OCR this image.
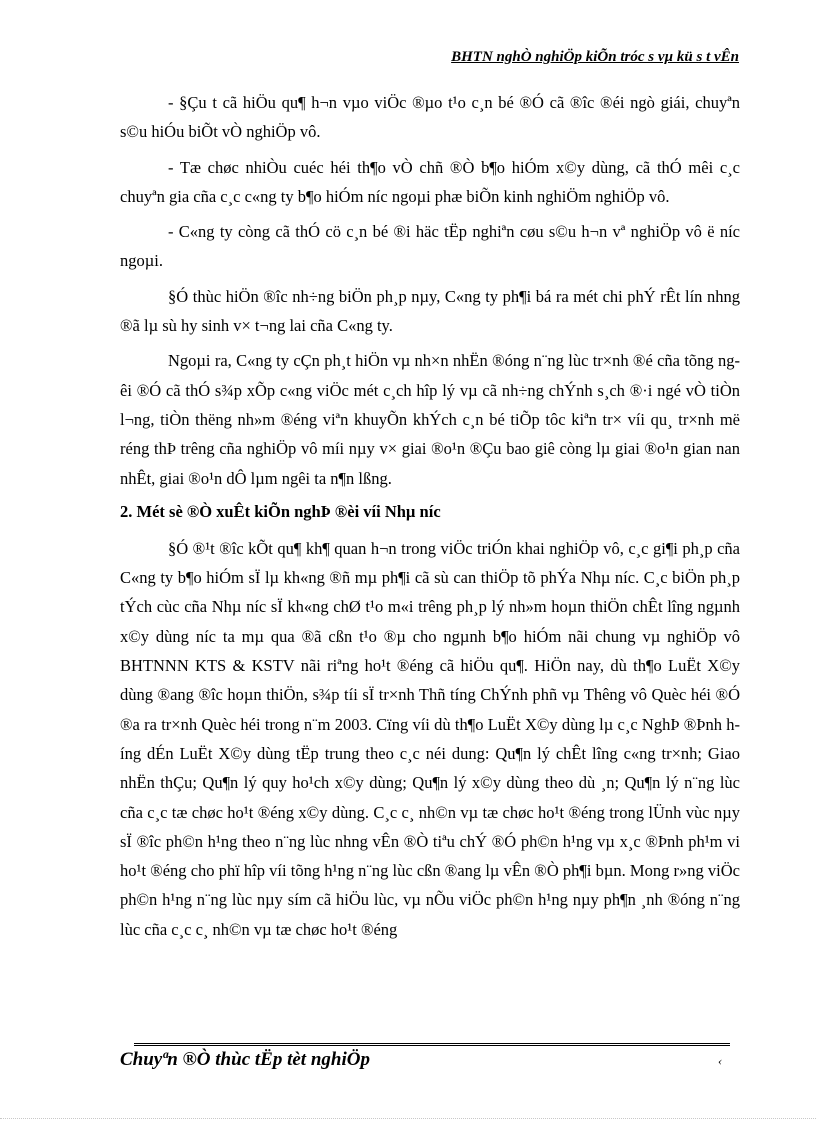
BHTN nghÒ nghiÖp kiÕn tróc s vµ kü s t vÊn

- §Çu t cã hiÖu qu¶ h¬n vµo viÖc ®µo t¹o c¸n bé ®Ó cã ®îc ®éi ngò giái, chuyªn s©u hiÓu biÕt vÒ nghiÖp vô.

- Tæ chøc nhiÒu cuéc héi th¶o vÒ chñ ®Ò b¶o hiÓm x©y dùng, cã thÓ mêi c¸c chuyªn gia cña c¸c c«ng ty b¶o hiÓm níc ngoµi phæ biÕn kinh nghiÖm nghiÖp vô.

- C«ng ty còng cã thÓ cö c¸n bé ®i häc tËp nghiªn cøu s©u h¬n vª nghiÖp vô ë níc ngoµi.

§Ó thùc hiÖn ®îc nh÷ng biÖn ph¸p nµy, C«ng ty ph¶i bá ra mét chi phÝ rÊt lín nhng ®ã lµ sù hy sinh v× t¬ng lai cña C«ng ty.

Ngoµi ra, C«ng ty cÇn ph¸t hiÖn vµ nh×n nhËn ®óng n¨ng lùc tr×nh ®é cña tõng ngêi ®Ó cã thÓ s¾p xÕp c«ng viÖc mét c¸ch hîp lý vµ cã nh÷ng chÝnh s¸ch ®·i ngé vÒ tiÒn l¬ng, tiÒn thëng nh»m ®éng viªn khuyÕn khÝch c¸n bé tiÕp tôc kiªn tr× víi qu¸ tr×nh më réng thÞ trêng cña nghiÖp vô míi nµy v× giai ®o¹n ®Çu bao giê còng lµ giai ®o¹n gian nan nhÊt, giai ®o¹n dÔ lµm ngêi ta n¶n lßng.

2. Mét sè ®Ò xuÊt kiÕn nghÞ ®èi víi Nhµ níc

§Ó ®¹t ®îc kÕt qu¶ kh¶ quan h¬n trong viÖc triÓn khai nghiÖp vô, c¸c gi¶i ph¸p cña C«ng ty b¶o hiÓm sÏ lµ kh«ng ®ñ mµ ph¶i cã sù can thiÖp tõ phÝa Nhµ níc. C¸c biÖn ph¸p tÝch cùc cña Nhµ níc sÏ kh«ng chØ t¹o m«i trêng ph¸p lý nh»m hoµn thiÖn chÊt lîng ngµnh x©y dùng níc ta mµ qua ®ã cßn t¹o ®µ cho ngµnh b¶o hiÓm nãi chung vµ nghiÖp vô BHTNNN KTS & KSTV nãi riªng ho¹t ®éng cã hiÖu qu¶. HiÖn nay, dù th¶o LuËt X©y dùng ®ang ®îc hoµn thiÖn, s¾p tíi sÏ tr×nh Thñ tíng ChÝnh phñ vµ Thêng vô Quèc héi ®Ó ®a ra tr×nh Quèc héi trong n¨m 2003. Cïng víi dù th¶o LuËt X©y dùng lµ c¸c NghÞ ®Þnh híng dÉn LuËt X©y dùng tËp trung theo c¸c néi dung: Qu¶n lý chÊt lîng c«ng tr×nh; Giao nhËn thÇu; Qu¶n lý quy ho¹ch x©y dùng; Qu¶n lý x©y dùng theo dù ¸n; Qu¶n lý n¨ng lùc cña c¸c tæ chøc ho¹t ®éng x©y dùng. C¸c c¸ nh©n vµ tæ chøc ho¹t ®éng trong lÜnh vùc nµy sÏ ®îc ph©n h¹ng theo n¨ng lùc nhng vÊn ®Ò tiªu chÝ ®Ó ph©n h¹ng vµ x¸c ®Þnh ph¹m vi ho¹t ®éng cho phï hîp víi tõng h¹ng n¨ng lùc cßn ®ang lµ vÊn ®Ò ph¶i bµn. Mong r»ng viÖc ph©n h¹ng n¨ng lùc nµy sím cã hiÖu lùc, vµ nÕu viÖc ph©n h¹ng nµy ph¶n ¸nh ®óng n¨ng lùc cña c¸c c¸ nh©n vµ tæ chøc ho¹t ®éng

Chuyªn ®Ò thùc tËp tèt nghiÖp	‹
